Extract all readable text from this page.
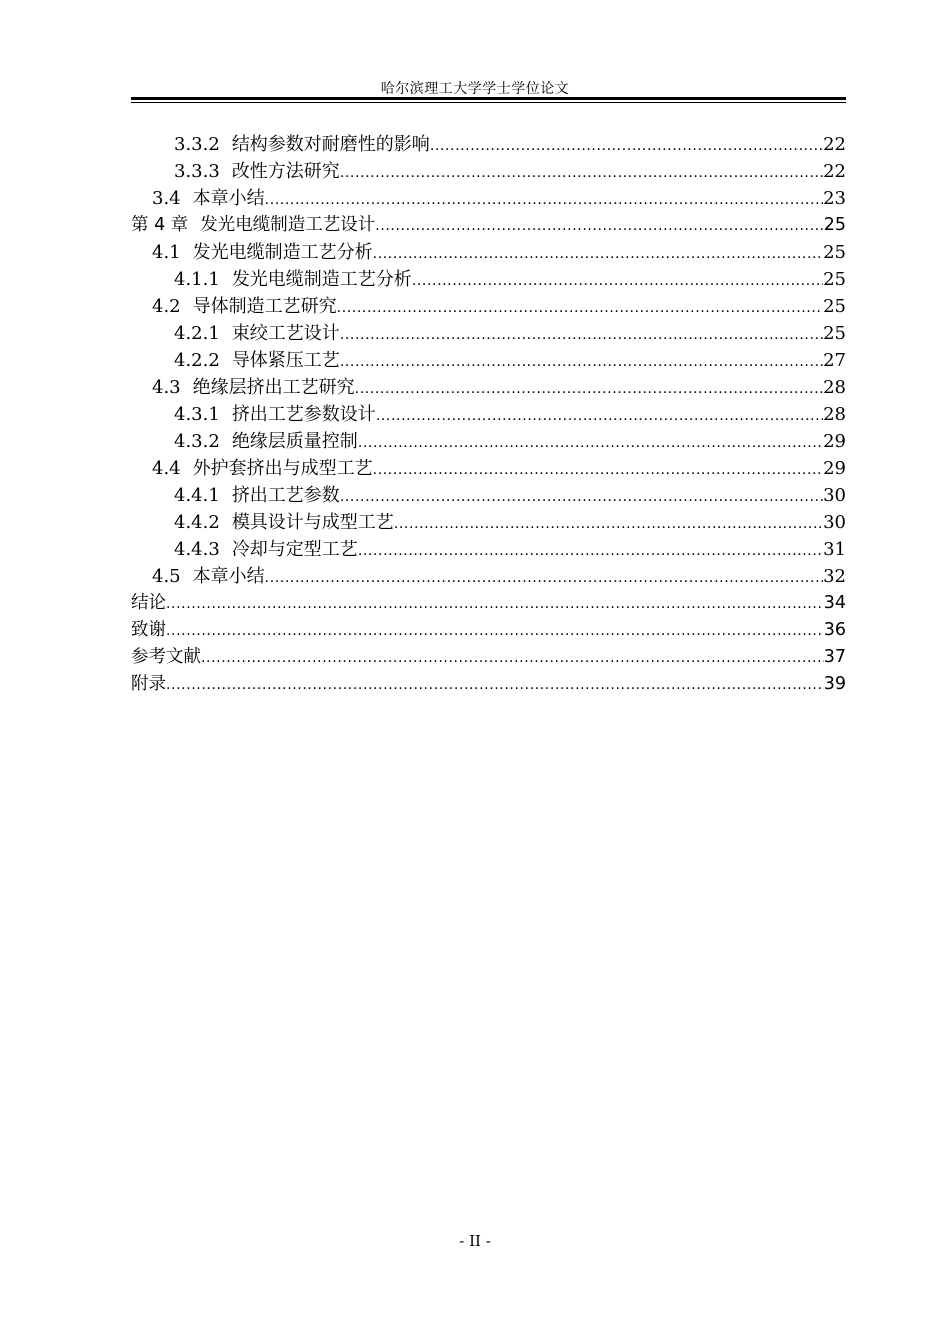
哈尔滨理工大学学士学位论文
3.3.2 结构参数对耐磨性的影响 .....	22
3.3.3 改性方法研究 .....	22
3.4 本章小结 .....	23
第 4 章 发光电缆制造工艺设计 .....	25
4.1 发光电缆制造工艺分析 .....	25
4.1.1 发光电缆制造工艺分析 .....	25
4.2 导体制造工艺研究 .....	25
4.2.1 束绞工艺设计 .....	25
4.2.2 导体紧压工艺 .....	27
4.3 绝缘层挤出工艺研究 .....	28
4.3.1 挤出工艺参数设计 .....	28
4.3.2 绝缘层质量控制 .....	29
4.4 外护套挤出与成型工艺 .....	29
4.4.1 挤出工艺参数 .....	30
4.4.2 模具设计与成型工艺 .....	30
4.4.3 冷却与定型工艺 .....	31
4.5 本章小结 .....	32
结论 .....	34
致谢 .....	36
参考文献 .....	37
附录 .....	39
- II -
